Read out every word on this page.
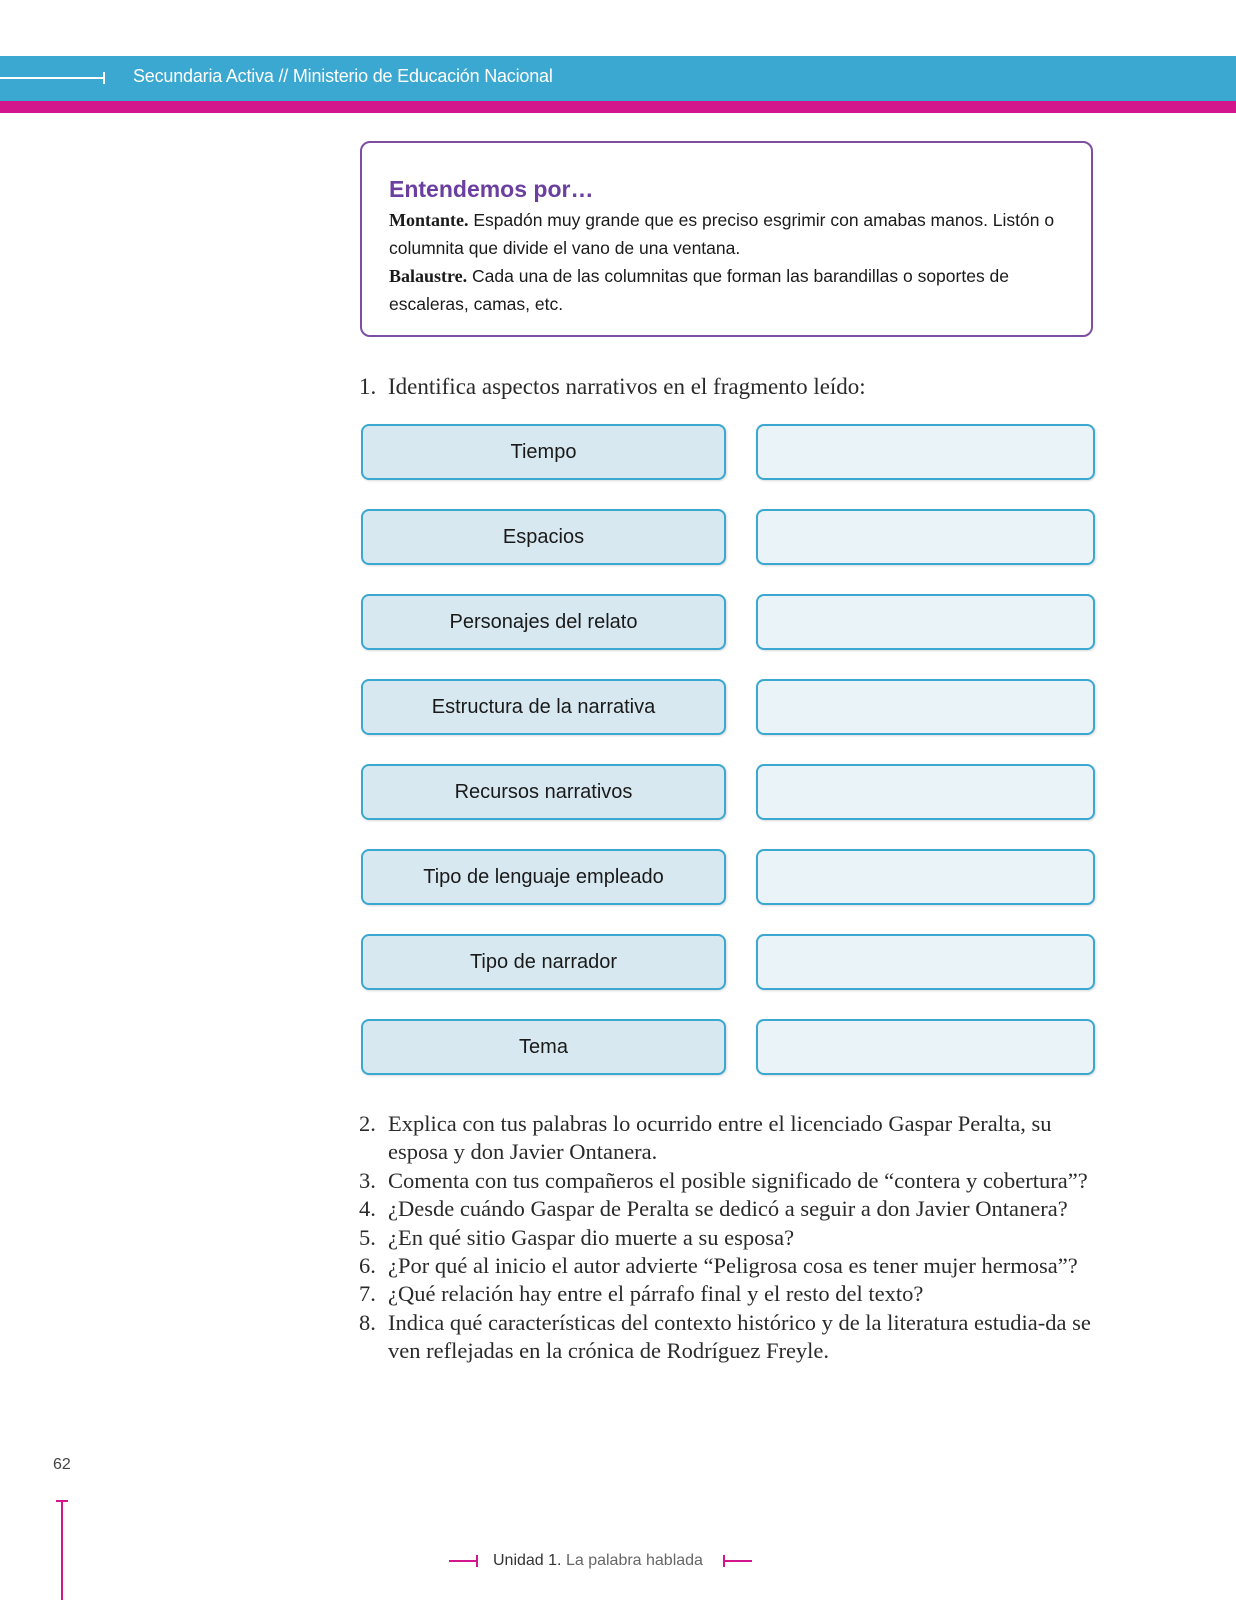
Secundaria Activa // Ministerio de Educación Nacional
Entendemos por…
Montante. Espadón muy grande que es preciso esgrimir con amabas manos. Listón o columnita que divide el vano de una ventana.
Balaustre. Cada una de las columnitas que forman las barandillas o soportes de escaleras, camas, etc.
1. Identifica aspectos narrativos en el fragmento leído:
Tiempo
Espacios
Personajes del relato
Estructura de la narrativa
Recursos narrativos
Tipo de lenguaje empleado
Tipo de narrador
Tema
2. Explica con tus palabras lo ocurrido entre el licenciado Gaspar Peralta, su esposa y don Javier Ontanera.
3. Comenta con tus compañeros el posible significado de “contera y cobertura”?
4. ¿Desde cuándo Gaspar de Peralta se dedicó a seguir a don Javier Ontanera?
5. ¿En qué sitio Gaspar dio muerte a su esposa?
6. ¿Por qué al inicio el autor advierte “Peligrosa cosa es tener mujer hermosa”?
7. ¿Qué relación hay entre el párrafo final y el resto del texto?
8. Indica qué características del contexto histórico y de la literatura estudia-da se ven reflejadas en la crónica de Rodríguez Freyle.
62
Unidad 1. La palabra hablada
